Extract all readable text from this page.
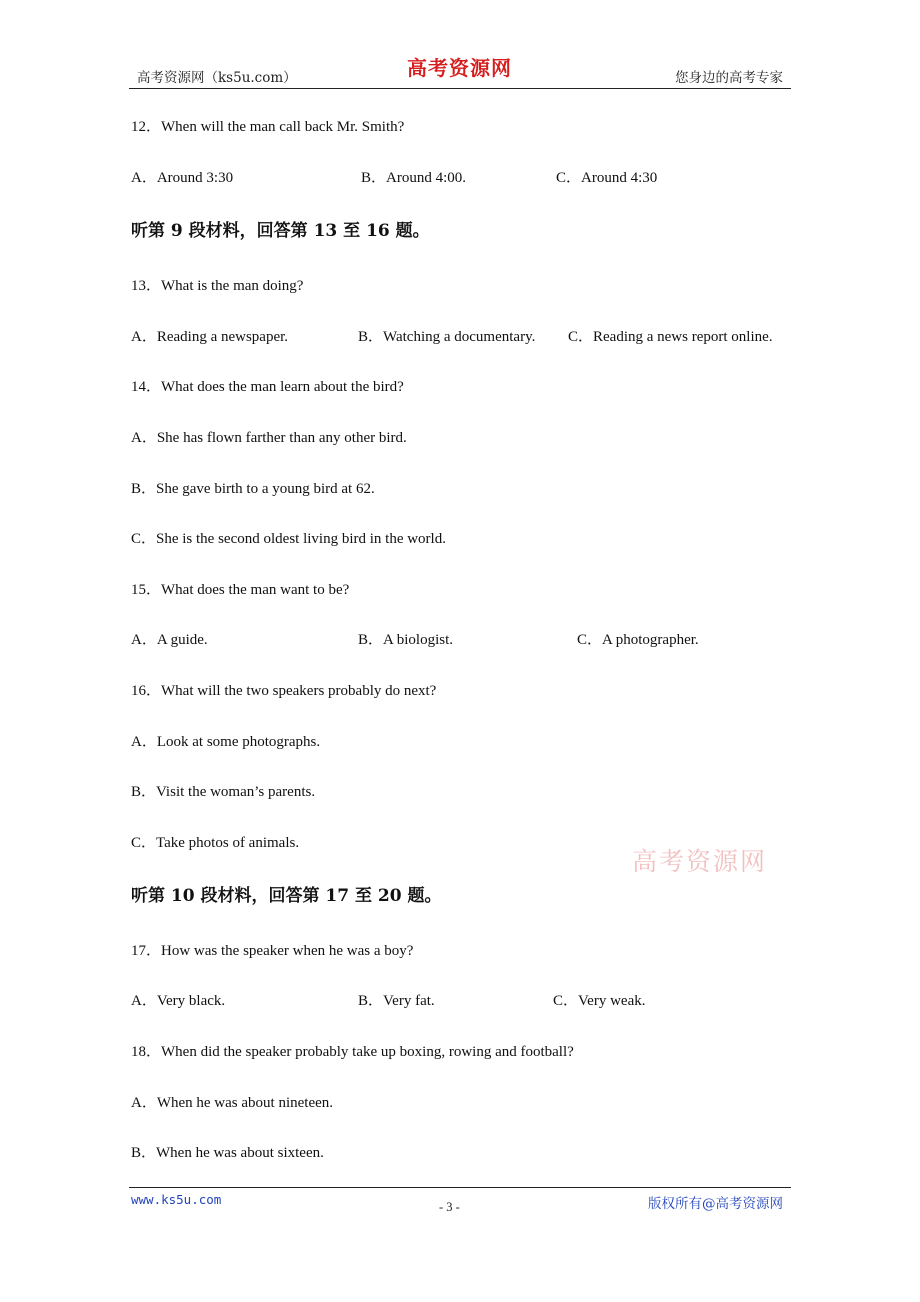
高考资源网（ks5u.com）	高考资源网	您身边的高考专家
12．When will the man call back Mr. Smith?
A．Around 3:30	B．Around 4:00.	C．Around 4:30
听第 9 段材料，回答第 13 至 16 题。
13．What is the man doing?
A．Reading a newspaper.	B．Watching a documentary. C．Reading a news report online.
14．What does the man learn about the bird?
A．She has flown farther than any other bird.
B．She gave birth to a young bird at 62.
C．She is the second oldest living bird in the world.
15．What does the man want to be?
A．A guide.	B．A biologist.	C．A photographer.
16．What will the two speakers probably do next?
A．Look at some photographs.
B．Visit the woman’s parents.
C．Take photos of animals.
高考资源网
听第 10 段材料，回答第 17 至 20 题。
17．How was the speaker when he was a boy?
A．Very black.	B．Very fat.	C．Very weak.
18．When did the speaker probably take up boxing, rowing and football?
A．When he was about nineteen.
B．When he was about sixteen.
www.ks5u.com	- 3 -	版权所有@高考资源网
